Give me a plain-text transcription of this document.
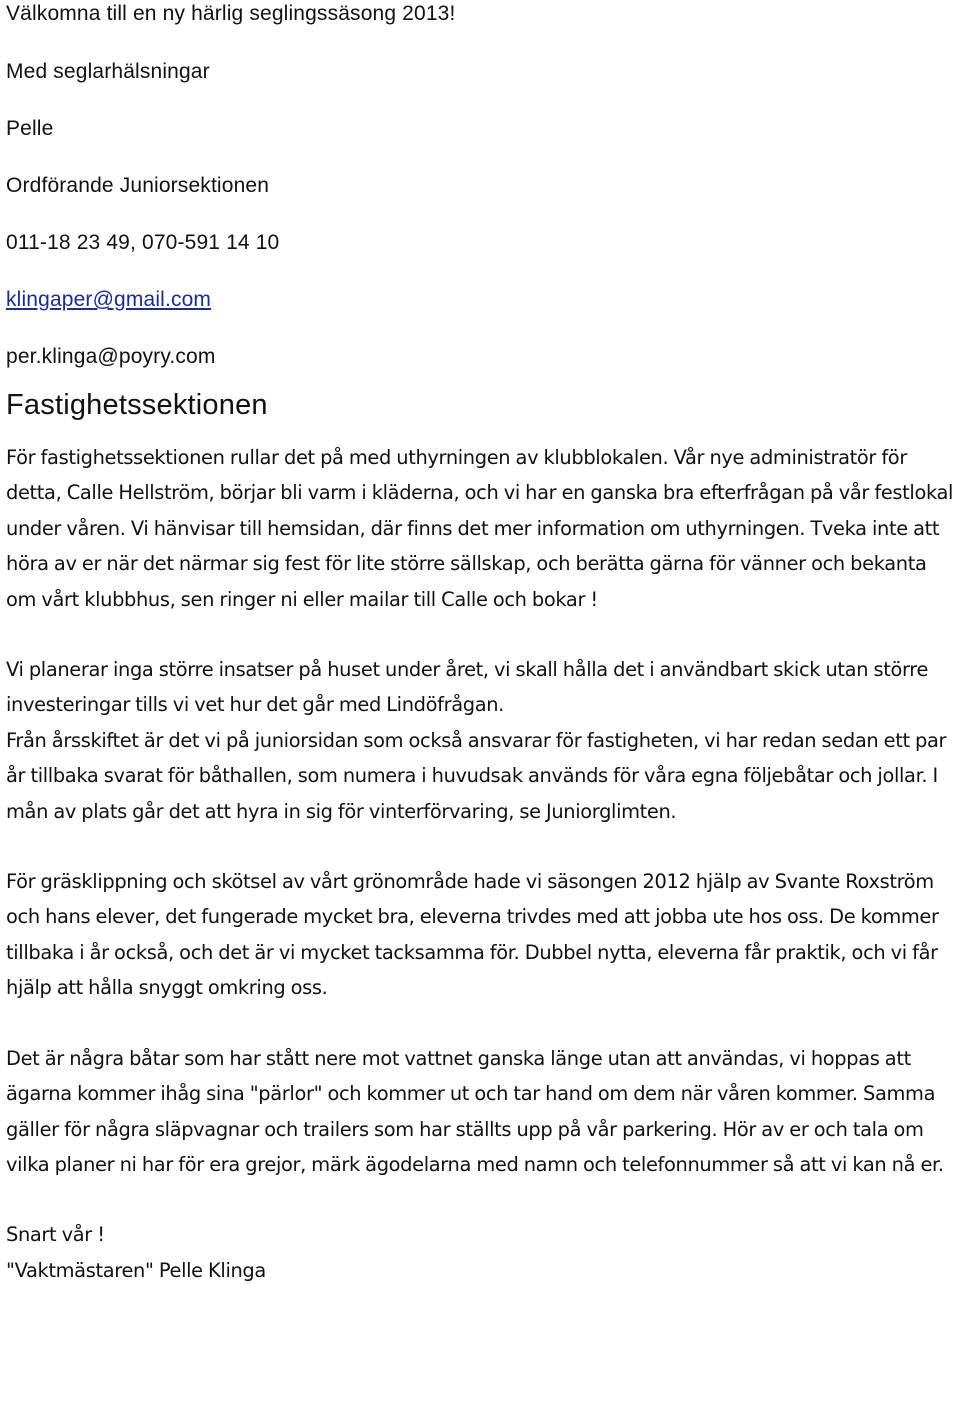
Välkomna till en ny härlig seglingssäsong 2013!

Med seglarhälsningar

Pelle

Ordförande Juniorsektionen

011-18 23 49, 070-591 14 10

klingaper@gmail.com

per.klinga@poyry.com

Fastighetssektionen

För fastighetssektionen rullar det på med uthyrningen av klubblokalen. Vår nye administratör för detta, Calle Hellström, börjar bli varm i kläderna, och vi har en ganska bra efterfrågan på vår festlokal under våren. Vi hänvisar till hemsidan, där finns det mer information om uthyrningen. Tveka inte att höra av er när det närmar sig fest för lite större sällskap, och berätta gärna för vänner och bekanta om vårt klubbhus, sen ringer ni eller mailar till Calle och bokar !

Vi planerar inga större insatser på huset under året, vi skall hålla det i användbart skick utan större investeringar tills vi vet hur det går med Lindöfrågan.

Från årsskiftet är det vi på juniorsidan som också ansvarar för fastigheten, vi har redan sedan ett par år tillbaka svarat för båthallen, som numera i huvudsak används för våra egna följebåtar och jollar. I mån av plats går det att hyra in sig för vinterförvaring, se Juniorglimten.

För gräsklippning och skötsel av vårt grönområde hade vi säsongen 2012 hjälp av Svante Roxström och hans elever, det fungerade mycket bra, eleverna trivdes med att jobba ute hos oss. De kommer tillbaka i år också, och det är vi mycket tacksamma för. Dubbel nytta, eleverna får praktik, och vi får hjälp att hålla snyggt omkring oss.

Det är några båtar som har stått nere mot vattnet ganska länge utan att användas, vi hoppas att ägarna kommer ihåg sina "pärlor" och kommer ut och tar hand om dem när våren kommer. Samma gäller för några släpvagnar och trailers som har ställts upp på vår parkering. Hör av er och tala om vilka planer ni har för era grejor, märk ägodelarna med namn och telefonnummer så att vi kan nå er.

Snart vår !

"Vaktmästaren" Pelle Klinga
